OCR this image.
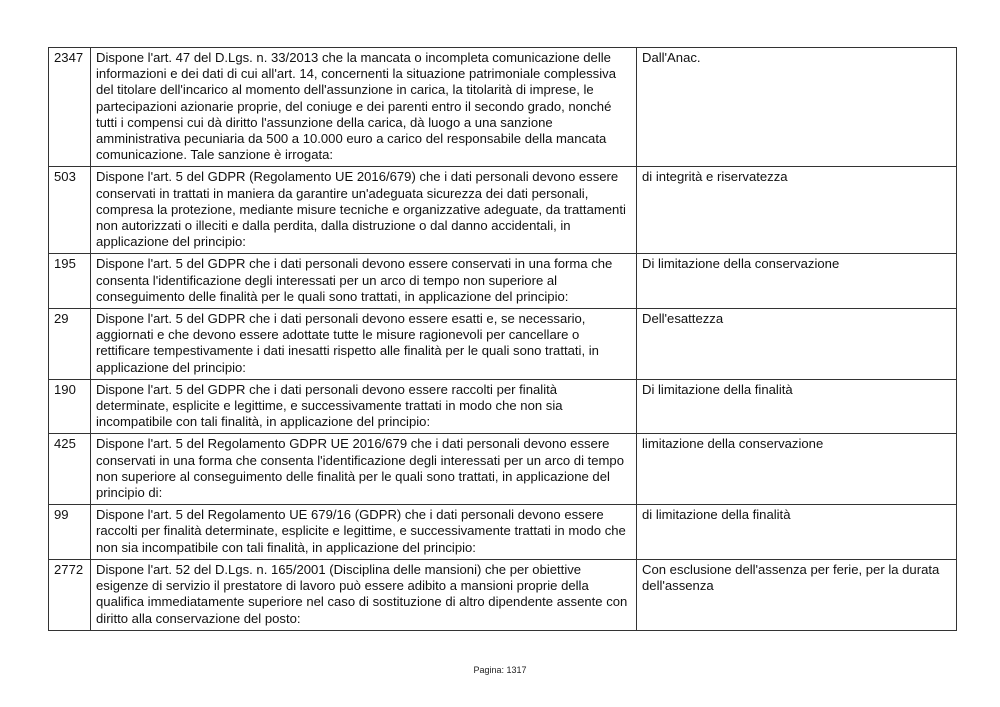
2347	Dispone l'art. 47 del D.Lgs. n. 33/2013 che la mancata o incompleta comunicazione delle informazioni e dei dati di cui all'art. 14, concernenti la situazione patrimoniale complessiva del titolare dell'incarico al momento dell'assunzione in carica, la titolarità di imprese, le partecipazioni azionarie proprie, del coniuge e dei parenti entro il secondo grado, nonché tutti i compensi cui dà diritto l'assunzione della carica, dà luogo a una sanzione amministrativa pecuniaria da 500 a 10.000 euro a carico del responsabile della mancata comunicazione. Tale sanzione è irrogata:	Dall'Anac.
503	Dispone l'art. 5 del GDPR (Regolamento UE 2016/679) che i dati personali devono essere conservati in trattati in maniera da garantire un'adeguata sicurezza dei dati personali, compresa la protezione, mediante misure tecniche e organizzative adeguate, da trattamenti non autorizzati o illeciti e dalla perdita, dalla distruzione o dal danno accidentali, in applicazione del principio:	di integrità e riservatezza
195	Dispone l'art. 5 del GDPR che i dati personali devono essere conservati in una forma che consenta l'identificazione degli interessati per un arco di tempo non superiore al conseguimento delle finalità per le quali sono trattati, in applicazione del principio:	Di limitazione della conservazione
29	Dispone l'art. 5 del GDPR che i dati personali devono essere esatti e, se necessario, aggiornati e che devono essere adottate tutte le misure ragionevoli per cancellare o rettificare tempestivamente i dati inesatti rispetto alle finalità per le quali sono trattati, in applicazione del principio:	Dell'esattezza
190	Dispone l'art. 5 del GDPR che i dati personali devono essere raccolti per finalità determinate, esplicite e legittime, e successivamente trattati in modo che non sia incompatibile con tali finalità, in applicazione del principio:	Di limitazione della finalità
425	Dispone l'art. 5 del Regolamento GDPR UE 2016/679 che i dati personali devono essere conservati in una forma che consenta l'identificazione degli interessati per un arco di tempo non superiore al conseguimento delle finalità per le quali sono trattati, in applicazione del principio di:	limitazione della conservazione
99	Dispone l'art. 5 del Regolamento UE 679/16 (GDPR) che i dati personali devono essere raccolti per finalità determinate, esplicite e legittime, e successivamente trattati in modo che non sia incompatibile con tali finalità, in applicazione del principio:	di limitazione della finalità
2772	Dispone l'art. 52 del D.Lgs. n. 165/2001 (Disciplina delle mansioni) che per obiettive esigenze di servizio il prestatore di lavoro può essere adibito a mansioni proprie della qualifica immediatamente superiore nel caso di sostituzione di altro dipendente assente con diritto alla conservazione del posto:	Con esclusione dell'assenza per ferie, per la durata dell'assenza
Pagina: 1317
